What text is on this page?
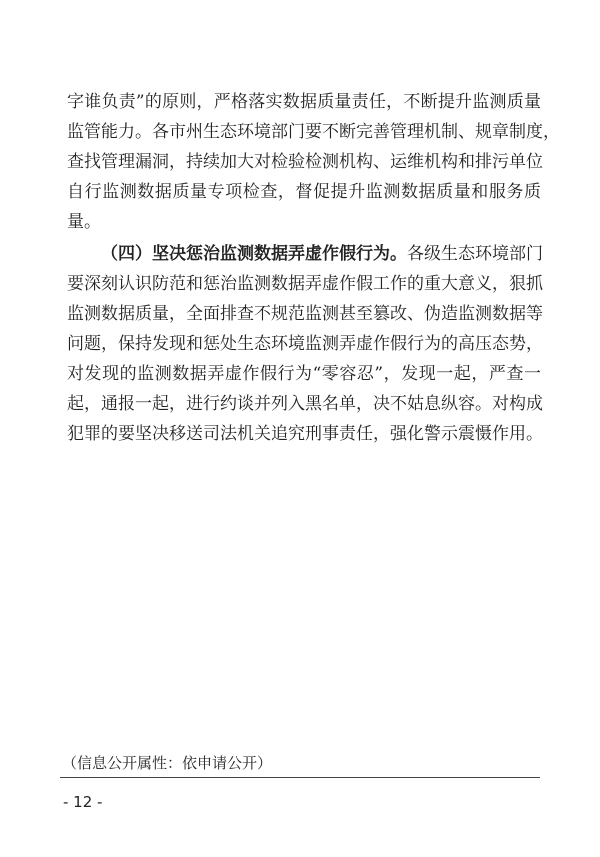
字谁负责”的原则，严格落实数据质量责任，不断提升监测质量
监管能力。各市州生态环境部门要不断完善管理机制、规章制度，
查找管理漏洞，持续加大对检验检测机构、运维机构和排污单位
自行监测数据质量专项检查，督促提升监测数据质量和服务质
量。
（四）坚决惩治监测数据弄虚作假行为。各级生态环境部门
要深刻认识防范和惩治监测数据弄虚作假工作的重大意义，狠抓
监测数据质量，全面排查不规范监测甚至篡改、伪造监测数据等
问题，保持发现和惩处生态环境监测弄虚作假行为的高压态势，
对发现的监测数据弄虚作假行为“零容忍”，发现一起，严查一
起，通报一起，进行约谈并列入黑名单，决不姑息纵容。对构成
犯罪的要坚决移送司法机关追究刑事责任，强化警示震慑作用。
（信息公开属性：依申请公开）
- 12 -
